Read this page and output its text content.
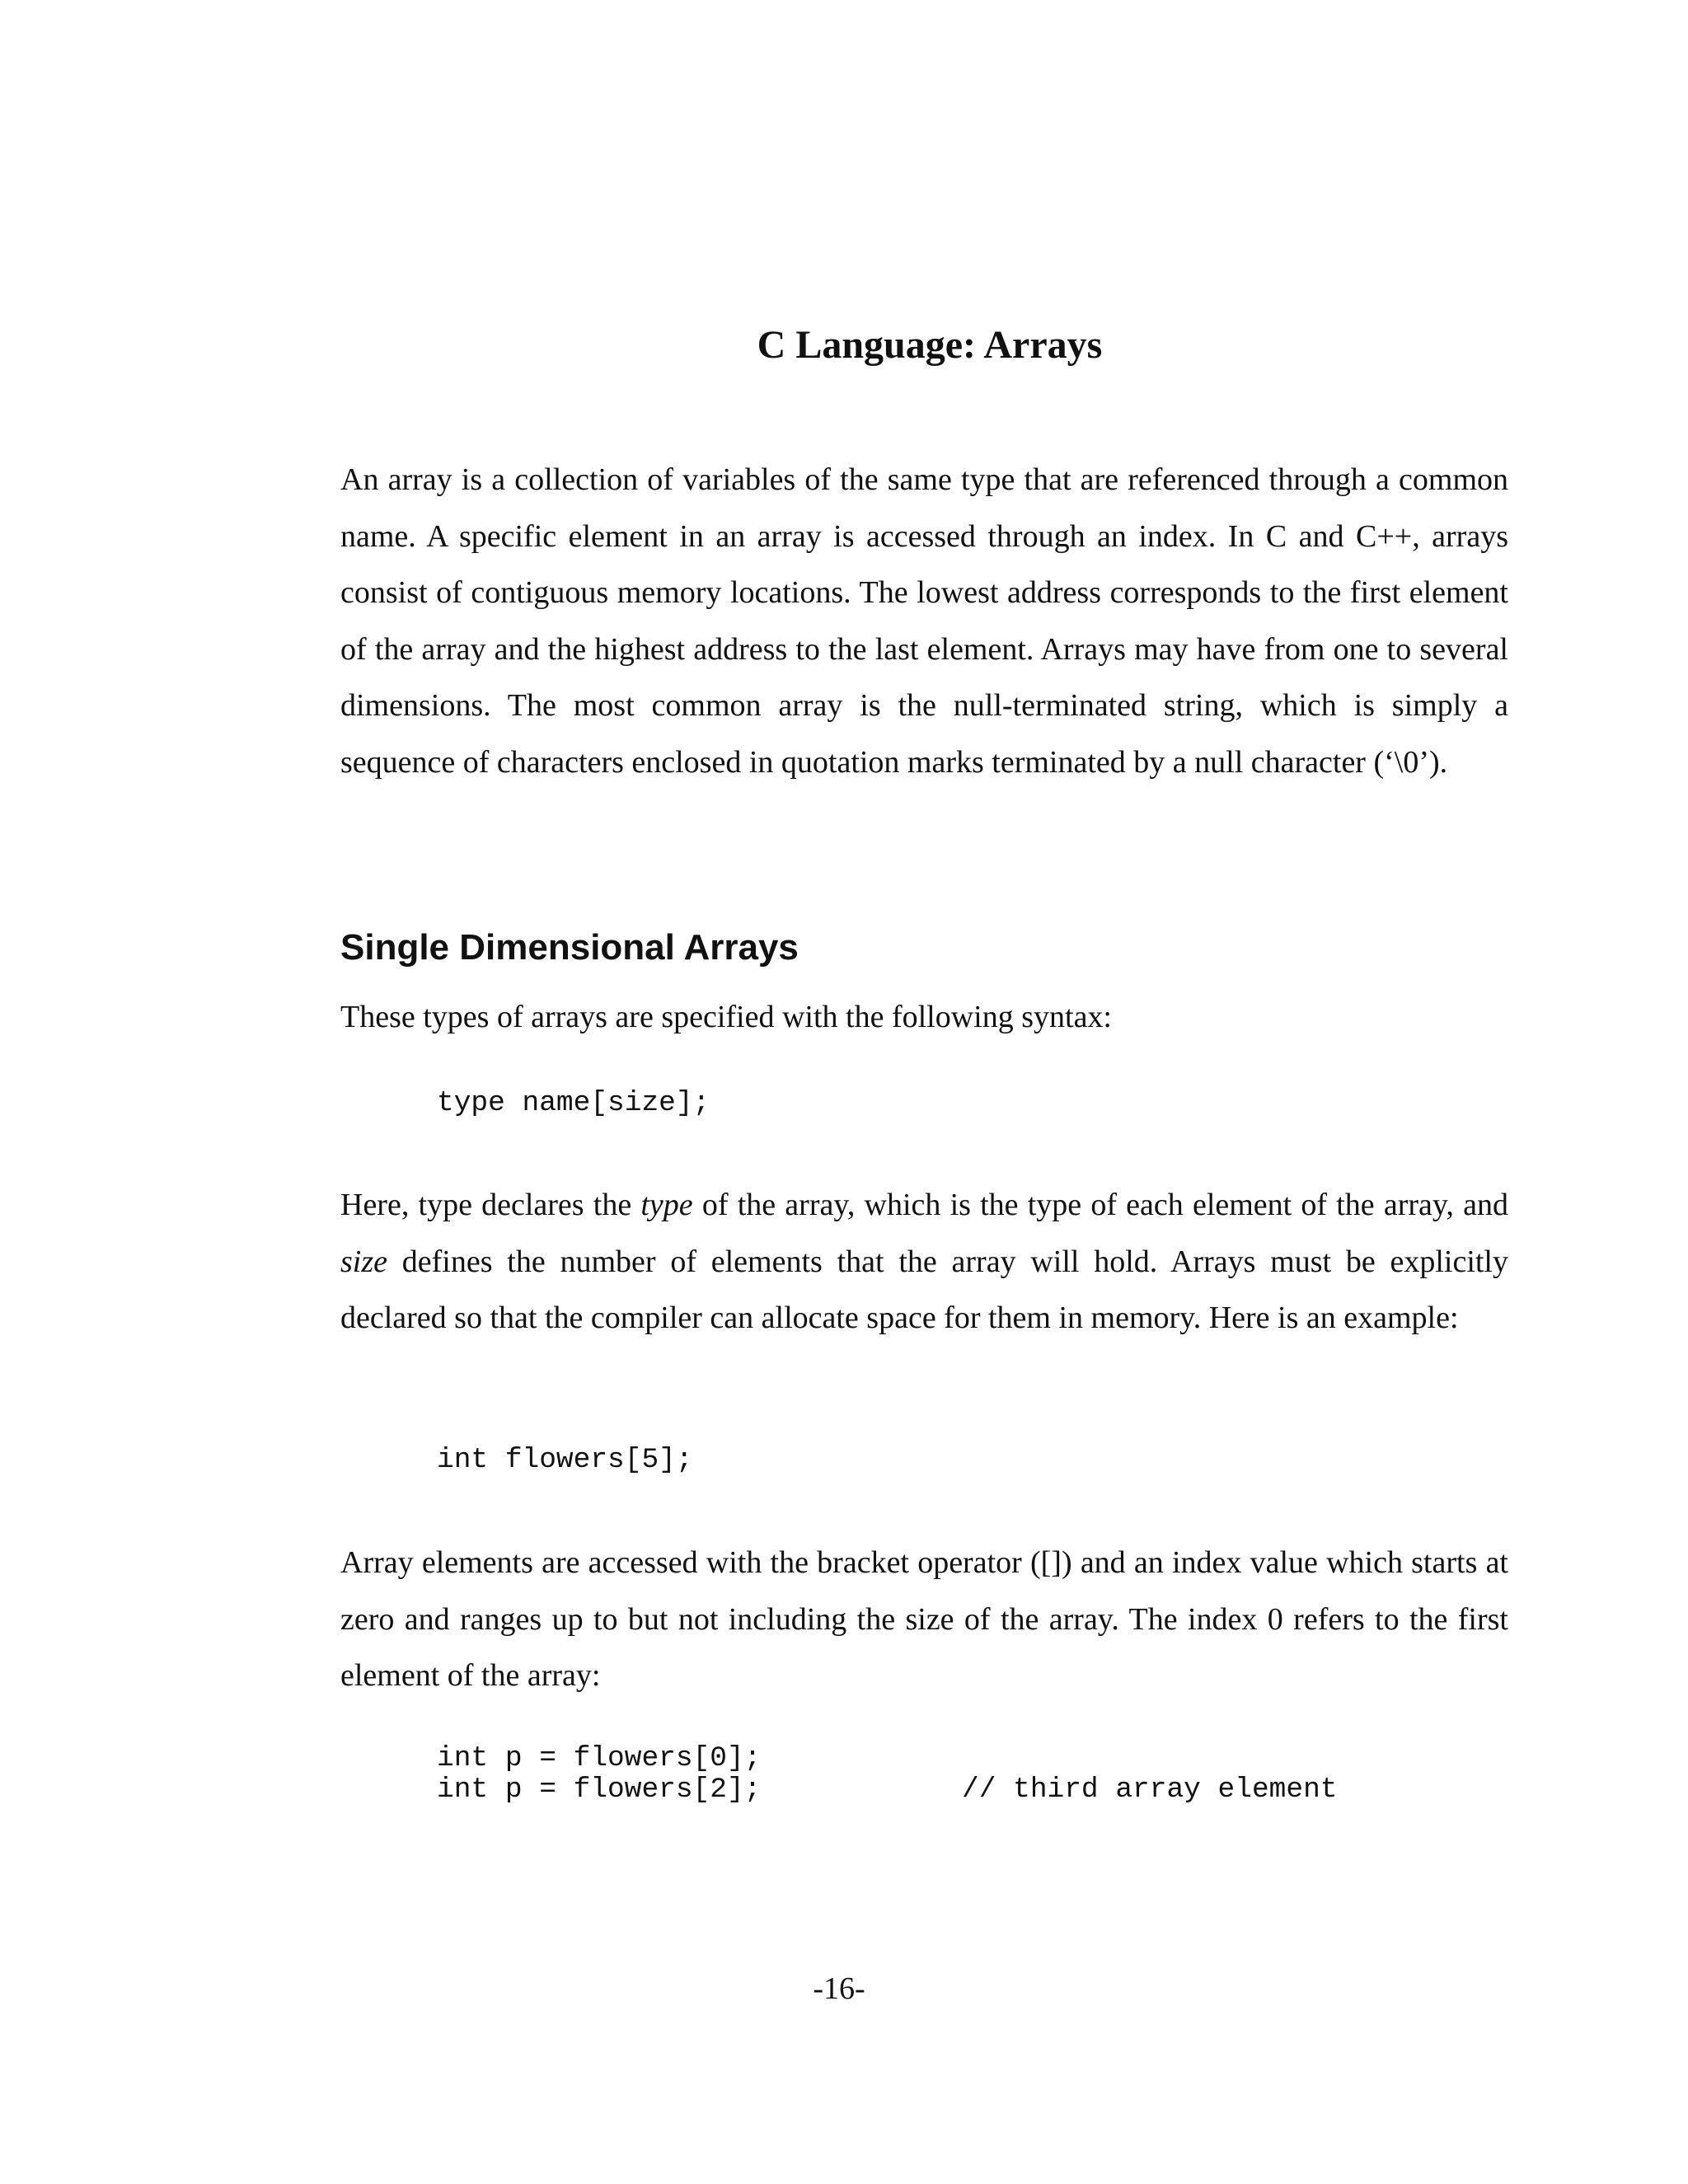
C Language: Arrays

An array is a collection of variables of the same type that are referenced through a common name. A specific element in an array is accessed through an index. In C and C++, arrays consist of contiguous memory locations. The lowest address corresponds to the first element of the array and the highest address to the last element. Arrays may have from one to several dimensions. The most common array is the null-terminated string, which is simply a sequence of characters enclosed in quotation marks terminated by a null character (‘\0’).

Single Dimensional Arrays

These types of arrays are specified with the following syntax:

type name[size];

Here, type declares the type of the array, which is the type of each element of the array, and size defines the number of elements that the array will hold. Arrays must be explicitly declared so that the compiler can allocate space for them in memory. Here is an example:

int flowers[5];

Array elements are accessed with the bracket operator ([]) and an index value which starts at zero and ranges up to but not including the size of the array. The index 0 refers to the first element of the array:

int p = flowers[0];
int p = flowers[2];	// third array element
-16-
